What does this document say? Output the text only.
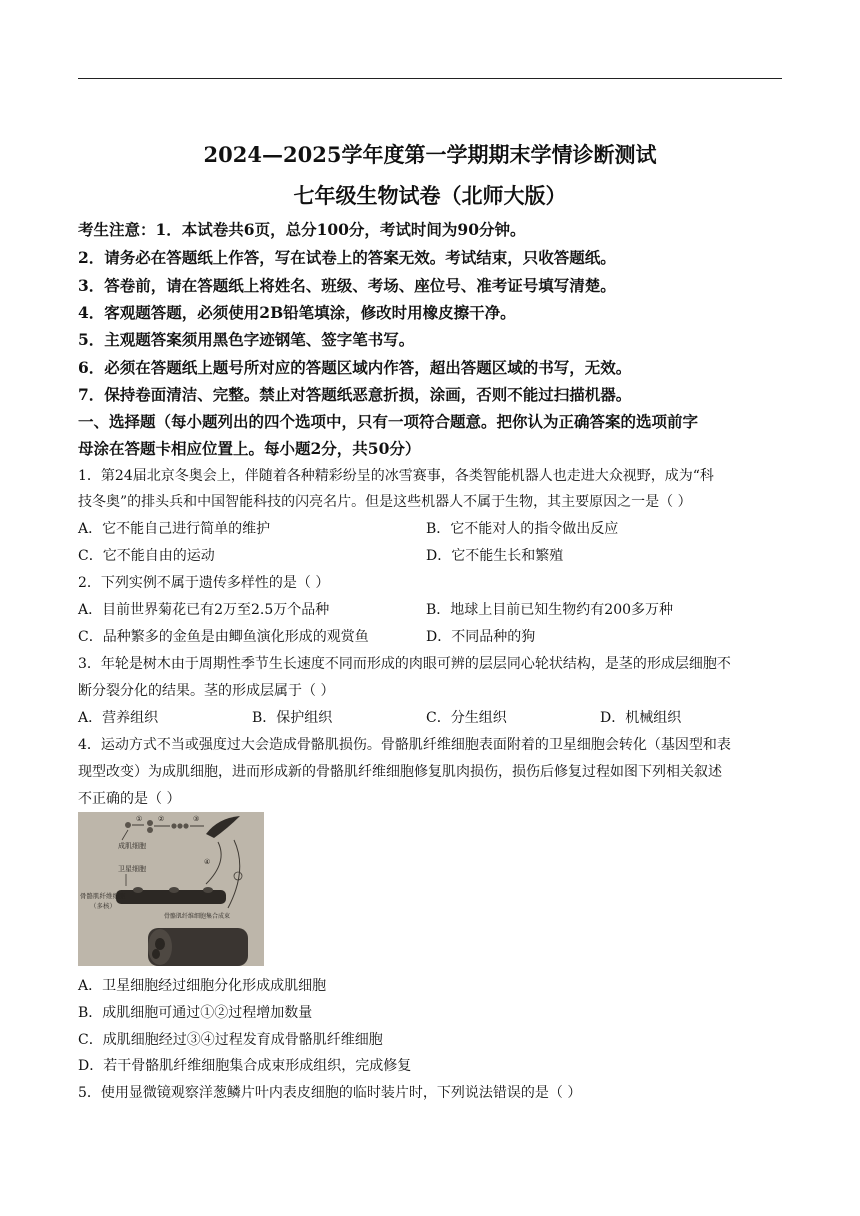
2024—2025学年度第一学期期末学情诊断测试
七年级生物试卷（北师大版）
考生注意：1．本试卷共6页，总分100分，考试时间为90分钟。
2．请务必在答题纸上作答，写在试卷上的答案无效。考试结束，只收答题纸。
3．答卷前，请在答题纸上将姓名、班级、考场、座位号、准考证号填写清楚。
4．客观题答题，必须使用2B铅笔填涂，修改时用橡皮擦干净。
5．主观题答案须用黑色字迹钢笔、签字笔书写。
6．必须在答题纸上题号所对应的答题区域内作答，超出答题区域的书写，无效。
7．保持卷面清洁、完整。禁止对答题纸恶意折损，涂画，否则不能过扫描机器。
一、选择题（每小题列出的四个选项中，只有一项符合题意。把你认为正确答案的选项前字
母涂在答题卡相应位置上。每小题2分，共50分）
1．第24届北京冬奥会上，伴随着各种精彩纷呈的冰雪赛事，各类智能机器人也走进大众视野，成为“科
技冬奥”的排头兵和中国智能科技的闪亮名片。但是这些机器人不属于生物，其主要原因之一是（ ）
A．它不能自己进行简单的维护	B．它不能对人的指令做出反应
C．它不能自由的运动	D．它不能生长和繁殖
2．下列实例不属于遗传多样性的是（ ）
A．目前世界菊花已有2万至2.5万个品种	B．地球上目前已知生物约有200多万种
C．品种繁多的金鱼是由鲫鱼演化形成的观赏鱼	D．不同品种的狗
3．年轮是树木由于周期性季节生长速度不同而形成的肉眼可辨的层层同心轮状结构，是茎的形成层细胞不
断分裂分化的结果。茎的形成层属于（ ）
A．营养组织	B．保护组织	C．分生组织	D．机械组织
4．运动方式不当或强度过大会造成骨骼肌损伤。骨骼肌纤维细胞表面附着的卫星细胞会转化（基因型和表
现型改变）为成肌细胞，进而形成新的骨骼肌纤维细胞修复肌肉损伤，损伤后修复过程如图下列相关叙述
不正确的是（ ）
① ②	③
成肌细胞
卫星细胞
④
骨骼肌纤维细胞
（多核）
骨骼肌纤维细胞集合成束
A．卫星细胞经过细胞分化形成成肌细胞
B．成肌细胞可通过①②过程增加数量
C．成肌细胞经过③④过程发育成骨骼肌纤维细胞
D．若干骨骼肌纤维细胞集合成束形成组织，完成修复
5．使用显微镜观察洋葱鳞片叶内表皮细胞的临时装片时，下列说法错误的是（ ）
